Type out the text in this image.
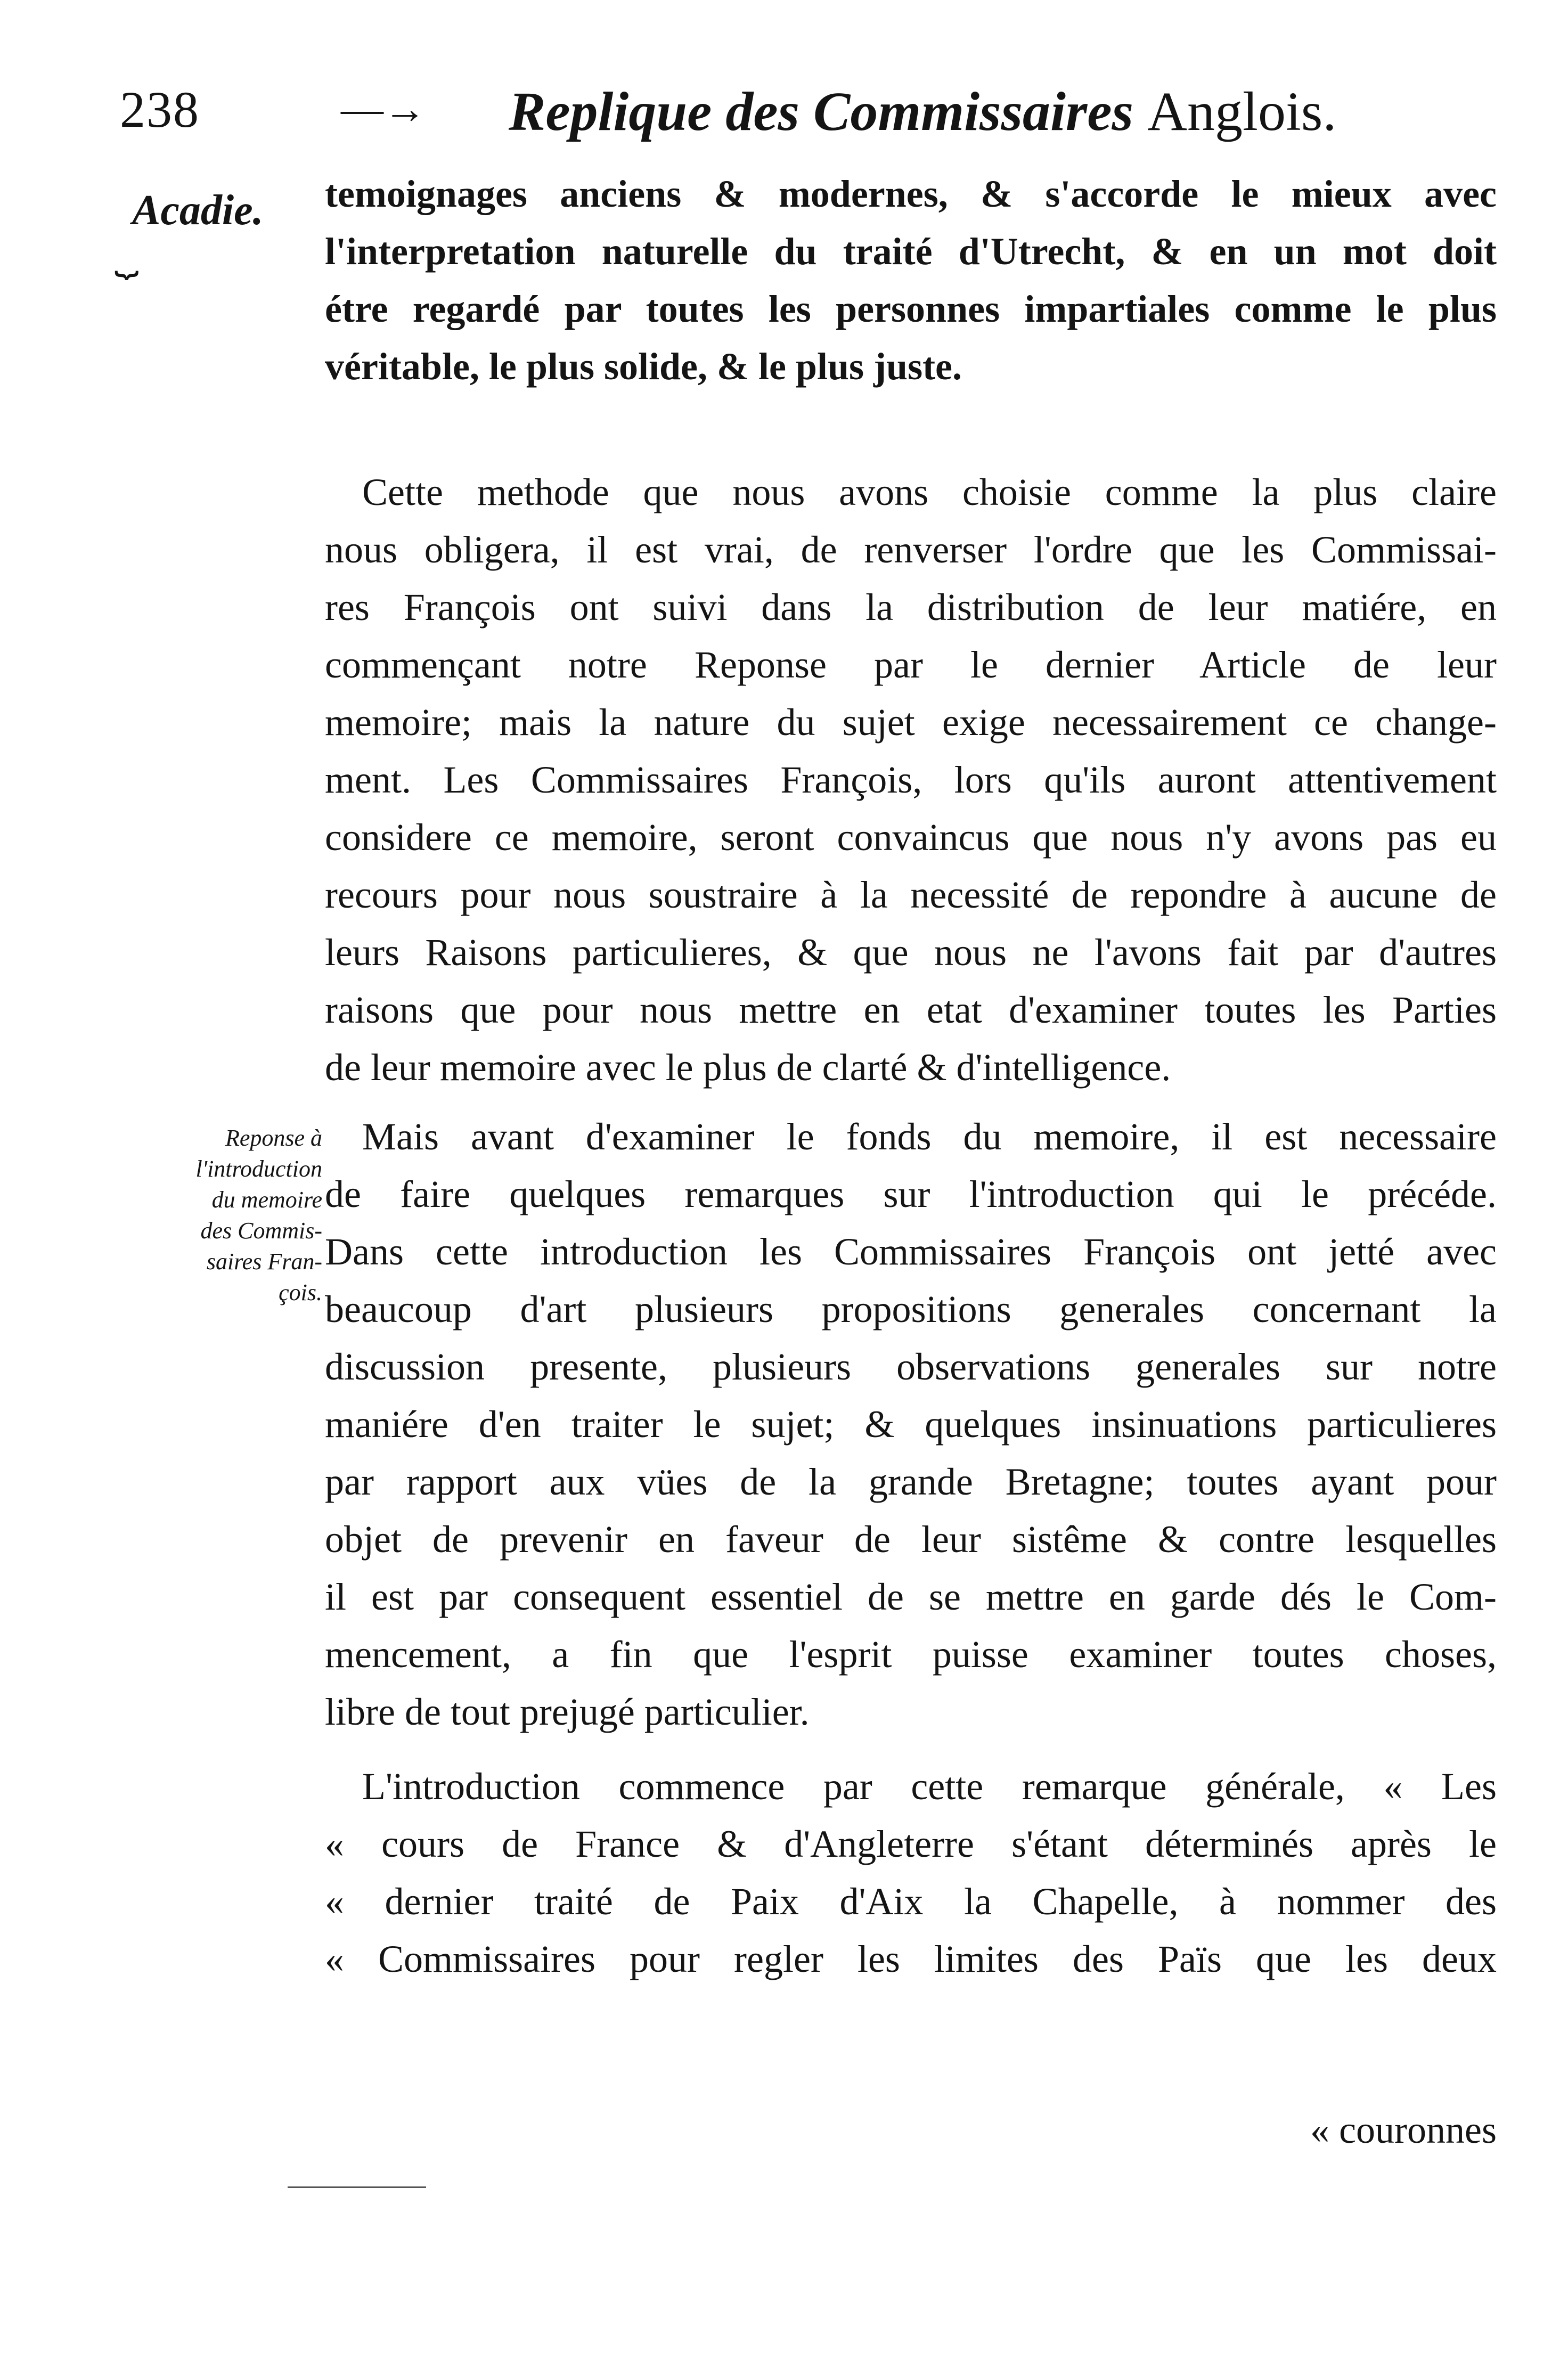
238	—→ Replique des Commissaires Anglois.
Acadie.
⏟
temoignages anciens & modernes, & s'accorde le mieux avec
l'interpretation naturelle du traité d'Utrecht, & en un mot doit
étre regardé par toutes les personnes impartiales comme le plus
véritable, le plus solide, & le plus juste.
Cette methode que nous avons choisie comme la plus claire
nous obligera, il est vrai, de renverser l'ordre que les Commissai-
res François ont suivi dans la distribution de leur matiére, en
commençant notre Reponse par le dernier Article de leur
memoire; mais la nature du sujet exige necessairement ce change-
ment. Les Commissaires François, lors qu'ils auront attentivement
considere ce memoire, seront convaincus que nous n'y avons pas eu
recours pour nous soustraire à la necessité de repondre à aucune de
leurs Raisons particulieres, & que nous ne l'avons fait par d'autres
raisons que pour nous mettre en etat d'examiner toutes les Parties
de leur memoire avec le plus de clarté & d'intelligence.
Reponse à
l'introduction
du memoire
des Commis-
saires Fran-
çois.
Mais avant d'examiner le fonds du memoire, il est necessaire
de faire quelques remarques sur l'introduction qui le précéde.
Dans cette introduction les Commissaires François ont jetté avec
beaucoup d'art plusieurs propositions generales concernant la
discussion presente, plusieurs observations generales sur notre
maniére d'en traiter le sujet; & quelques insinuations particulieres
par rapport aux vües de la grande Bretagne; toutes ayant pour
objet de prevenir en faveur de leur sistême & contre lesquelles
il est par consequent essentiel de se mettre en garde dés le Com-
mencement, a fin que l'esprit puisse examiner toutes choses,
libre de tout prejugé particulier.
L'introduction commence par cette remarque générale, « Les
« cours de France & d'Angleterre s'étant déterminés après le
« dernier traité de Paix d'Aix la Chapelle, à nommer des
« Commissaires pour regler les limites des Païs que les deux
« couronnes
